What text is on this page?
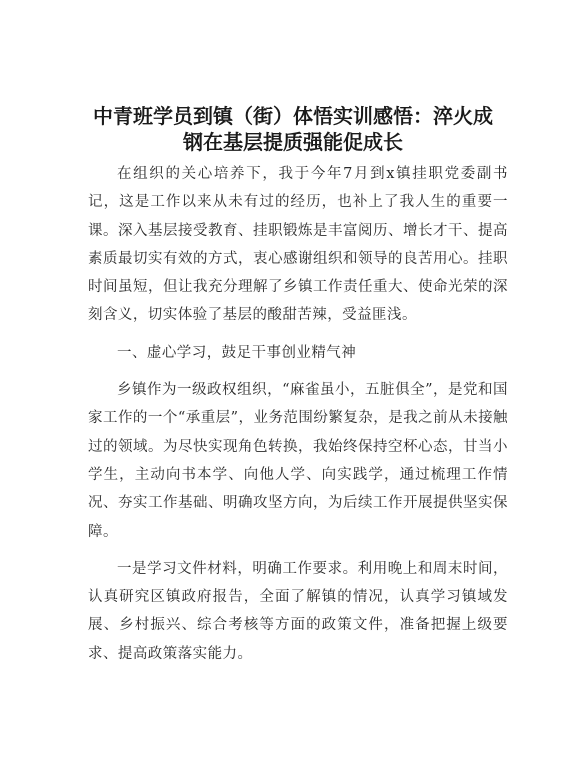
中青班学员到镇（街）体悟实训感悟：淬火成
钢在基层提质强能促成长

在组织的关心培养下，我于今年7月到x镇挂职党委副书记，这是工作以来从未有过的经历，也补上了我人生的重要一课。深入基层接受教育、挂职锻炼是丰富阅历、增长才干、提高素质最切实有效的方式，衷心感谢组织和领导的良苦用心。挂职时间虽短，但让我充分理解了乡镇工作责任重大、使命光荣的深刻含义，切实体验了基层的酸甜苦辣，受益匪浅。

一、虚心学习，鼓足干事创业精气神

乡镇作为一级政权组织，“麻雀虽小，五脏俱全”，是党和国家工作的一个“承重层”，业务范围纷繁复杂，是我之前从未接触过的领域。为尽快实现角色转换，我始终保持空杯心态，甘当小学生，主动向书本学、向他人学、向实践学，通过梳理工作情况、夯实工作基础、明确攻坚方向，为后续工作开展提供坚实保障。

一是学习文件材料，明确工作要求。利用晚上和周末时间，认真研究区镇政府报告，全面了解镇的情况，认真学习镇域发展、乡村振兴、综合考核等方面的政策文件，准备把握上级要求、提高政策落实能力。
